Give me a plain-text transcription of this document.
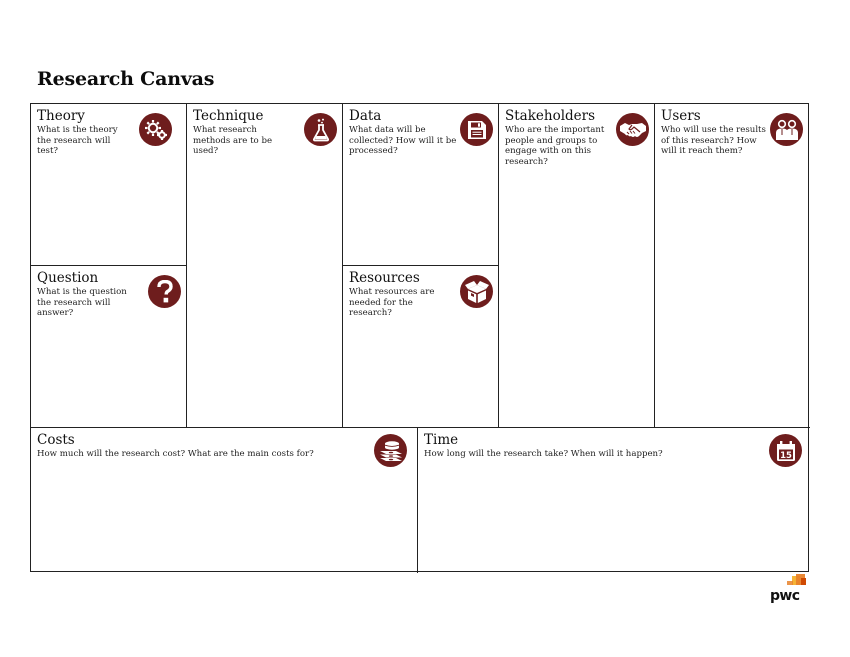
Research Canvas
Theory
What is the theory the research will test?
Technique
What research methods are to be used?
Data
What data will be collected? How will it be processed?
Stakeholders
Who are the important people and groups to engage with on this research?
Users
Who will use the results of this research? How will it reach them?
Question
What is the question the research will answer?
Resources
What resources are needed for the research?
Costs
How much will the research cost? What are the main costs for?
Time
How long will the research take? When will it happen?	15
pwc
